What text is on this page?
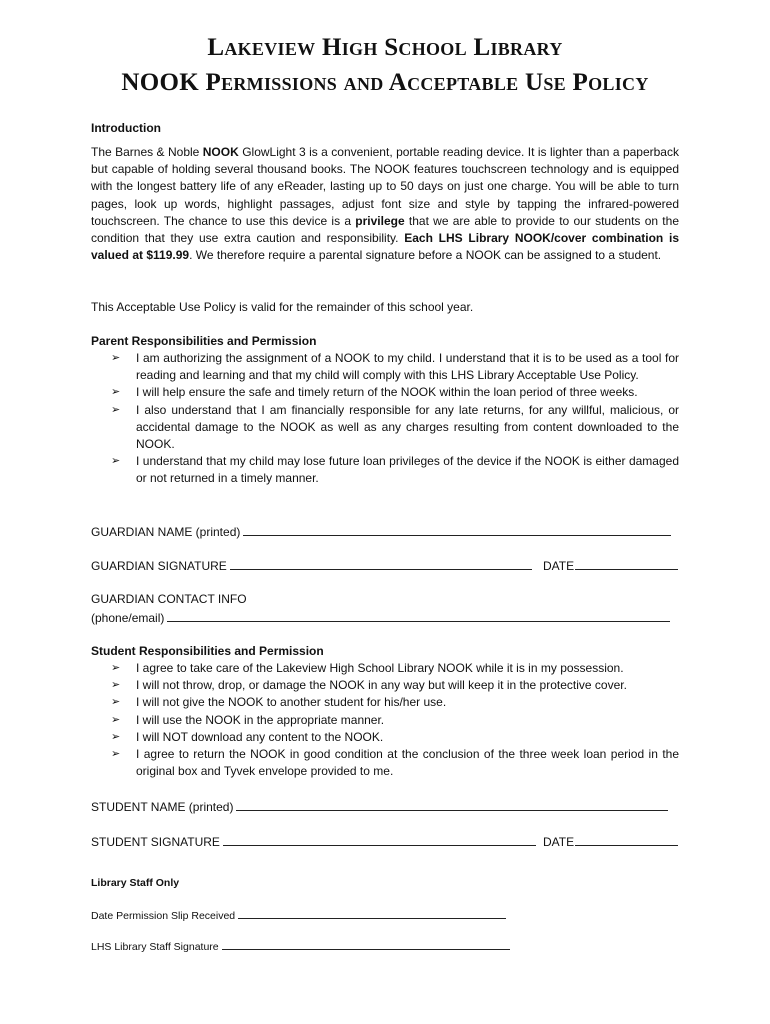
Lakeview High School Library
NOOK Permissions and Acceptable Use Policy
Introduction

The Barnes & Noble NOOK GlowLight 3 is a convenient, portable reading device. It is lighter than a paperback but capable of holding several thousand books. The NOOK features touchscreen technology and is equipped with the longest battery life of any eReader, lasting up to 50 days on just one charge. You will be able to turn pages, look up words, highlight passages, adjust font size and style by tapping the infrared-powered touchscreen. The chance to use this device is a privilege that we are able to provide to our students on the condition that they use extra caution and responsibility. Each LHS Library NOOK/cover combination is valued at $119.99. We therefore require a parental signature before a NOOK can be assigned to a student.

This Acceptable Use Policy is valid for the remainder of this school year.

Parent Responsibilities and Permission
➢ I am authorizing the assignment of a NOOK to my child. I understand that it is to be used as a tool for reading and learning and that my child will comply with this LHS Library Acceptable Use Policy.
➢ I will help ensure the safe and timely return of the NOOK within the loan period of three weeks.
➢ I also understand that I am financially responsible for any late returns, for any willful, malicious, or accidental damage to the NOOK as well as any charges resulting from content downloaded to the NOOK.
➢ I understand that my child may lose future loan privileges of the device if the NOOK is either damaged or not returned in a timely manner.
GUARDIAN NAME (printed)
GUARDIAN SIGNATURE	DATE
GUARDIAN CONTACT INFO
(phone/email)
Student Responsibilities and Permission
➢ I agree to take care of the Lakeview High School Library NOOK while it is in my possession.
➢ I will not throw, drop, or damage the NOOK in any way but will keep it in the protective cover.
➢ I will not give the NOOK to another student for his/her use.
➢ I will use the NOOK in the appropriate manner.
➢ I will NOT download any content to the NOOK.
➢ I agree to return the NOOK in good condition at the conclusion of the three week loan period in the original box and Tyvek envelope provided to me.
STUDENT NAME (printed)
STUDENT SIGNATURE	DATE
Library Staff Only
Date Permission Slip Received
LHS Library Staff Signature
